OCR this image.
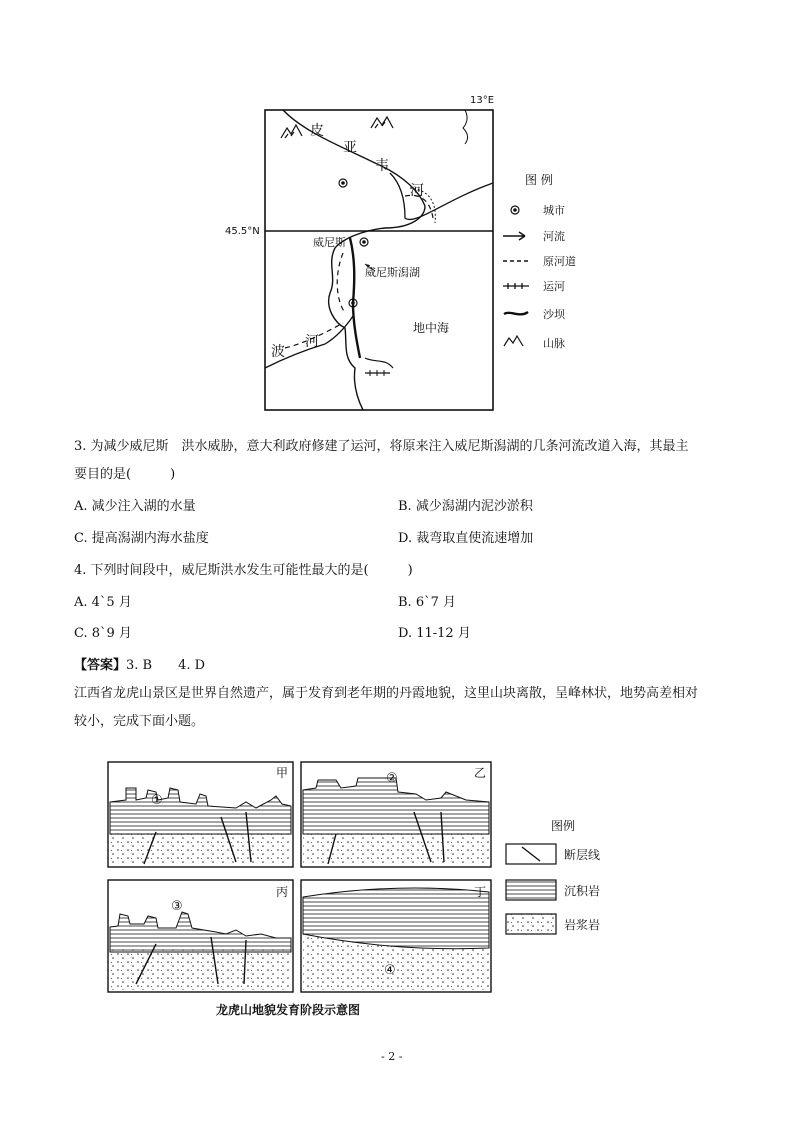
13°E
45.5°N
皮
亚
韦
河
威尼斯
威尼斯潟湖
地中海
波
河
图 例
城市
河流
原河道
运河
沙坝
山脉
3. 为减少威尼斯　洪水威胁，意大利政府修建了运河，将原来注入威尼斯潟湖的几条河流改道入海，其最主
要目的是(　　　)
A. 减少注入湖的水量	B. 减少潟湖内泥沙淤积
C. 提高潟湖内海水盐度	D. 裁弯取直使流速增加
4. 下列时间段中，威尼斯洪水发生可能性最大的是(　　　)
A. 4`5 月	B. 6`7 月
C. 8`9 月	D. 11-12 月
【答案】3. B　　4. D
江西省龙虎山景区是世界自然遗产，属于发育到老年期的丹霞地貌，这里山块离散，呈峰林状，地势高差相对
较小，完成下面小题。
甲
①
乙
②
丙
③
丁
④
图例
断层线
沉积岩
岩浆岩
龙虎山地貌发育阶段示意图
- 2 -
